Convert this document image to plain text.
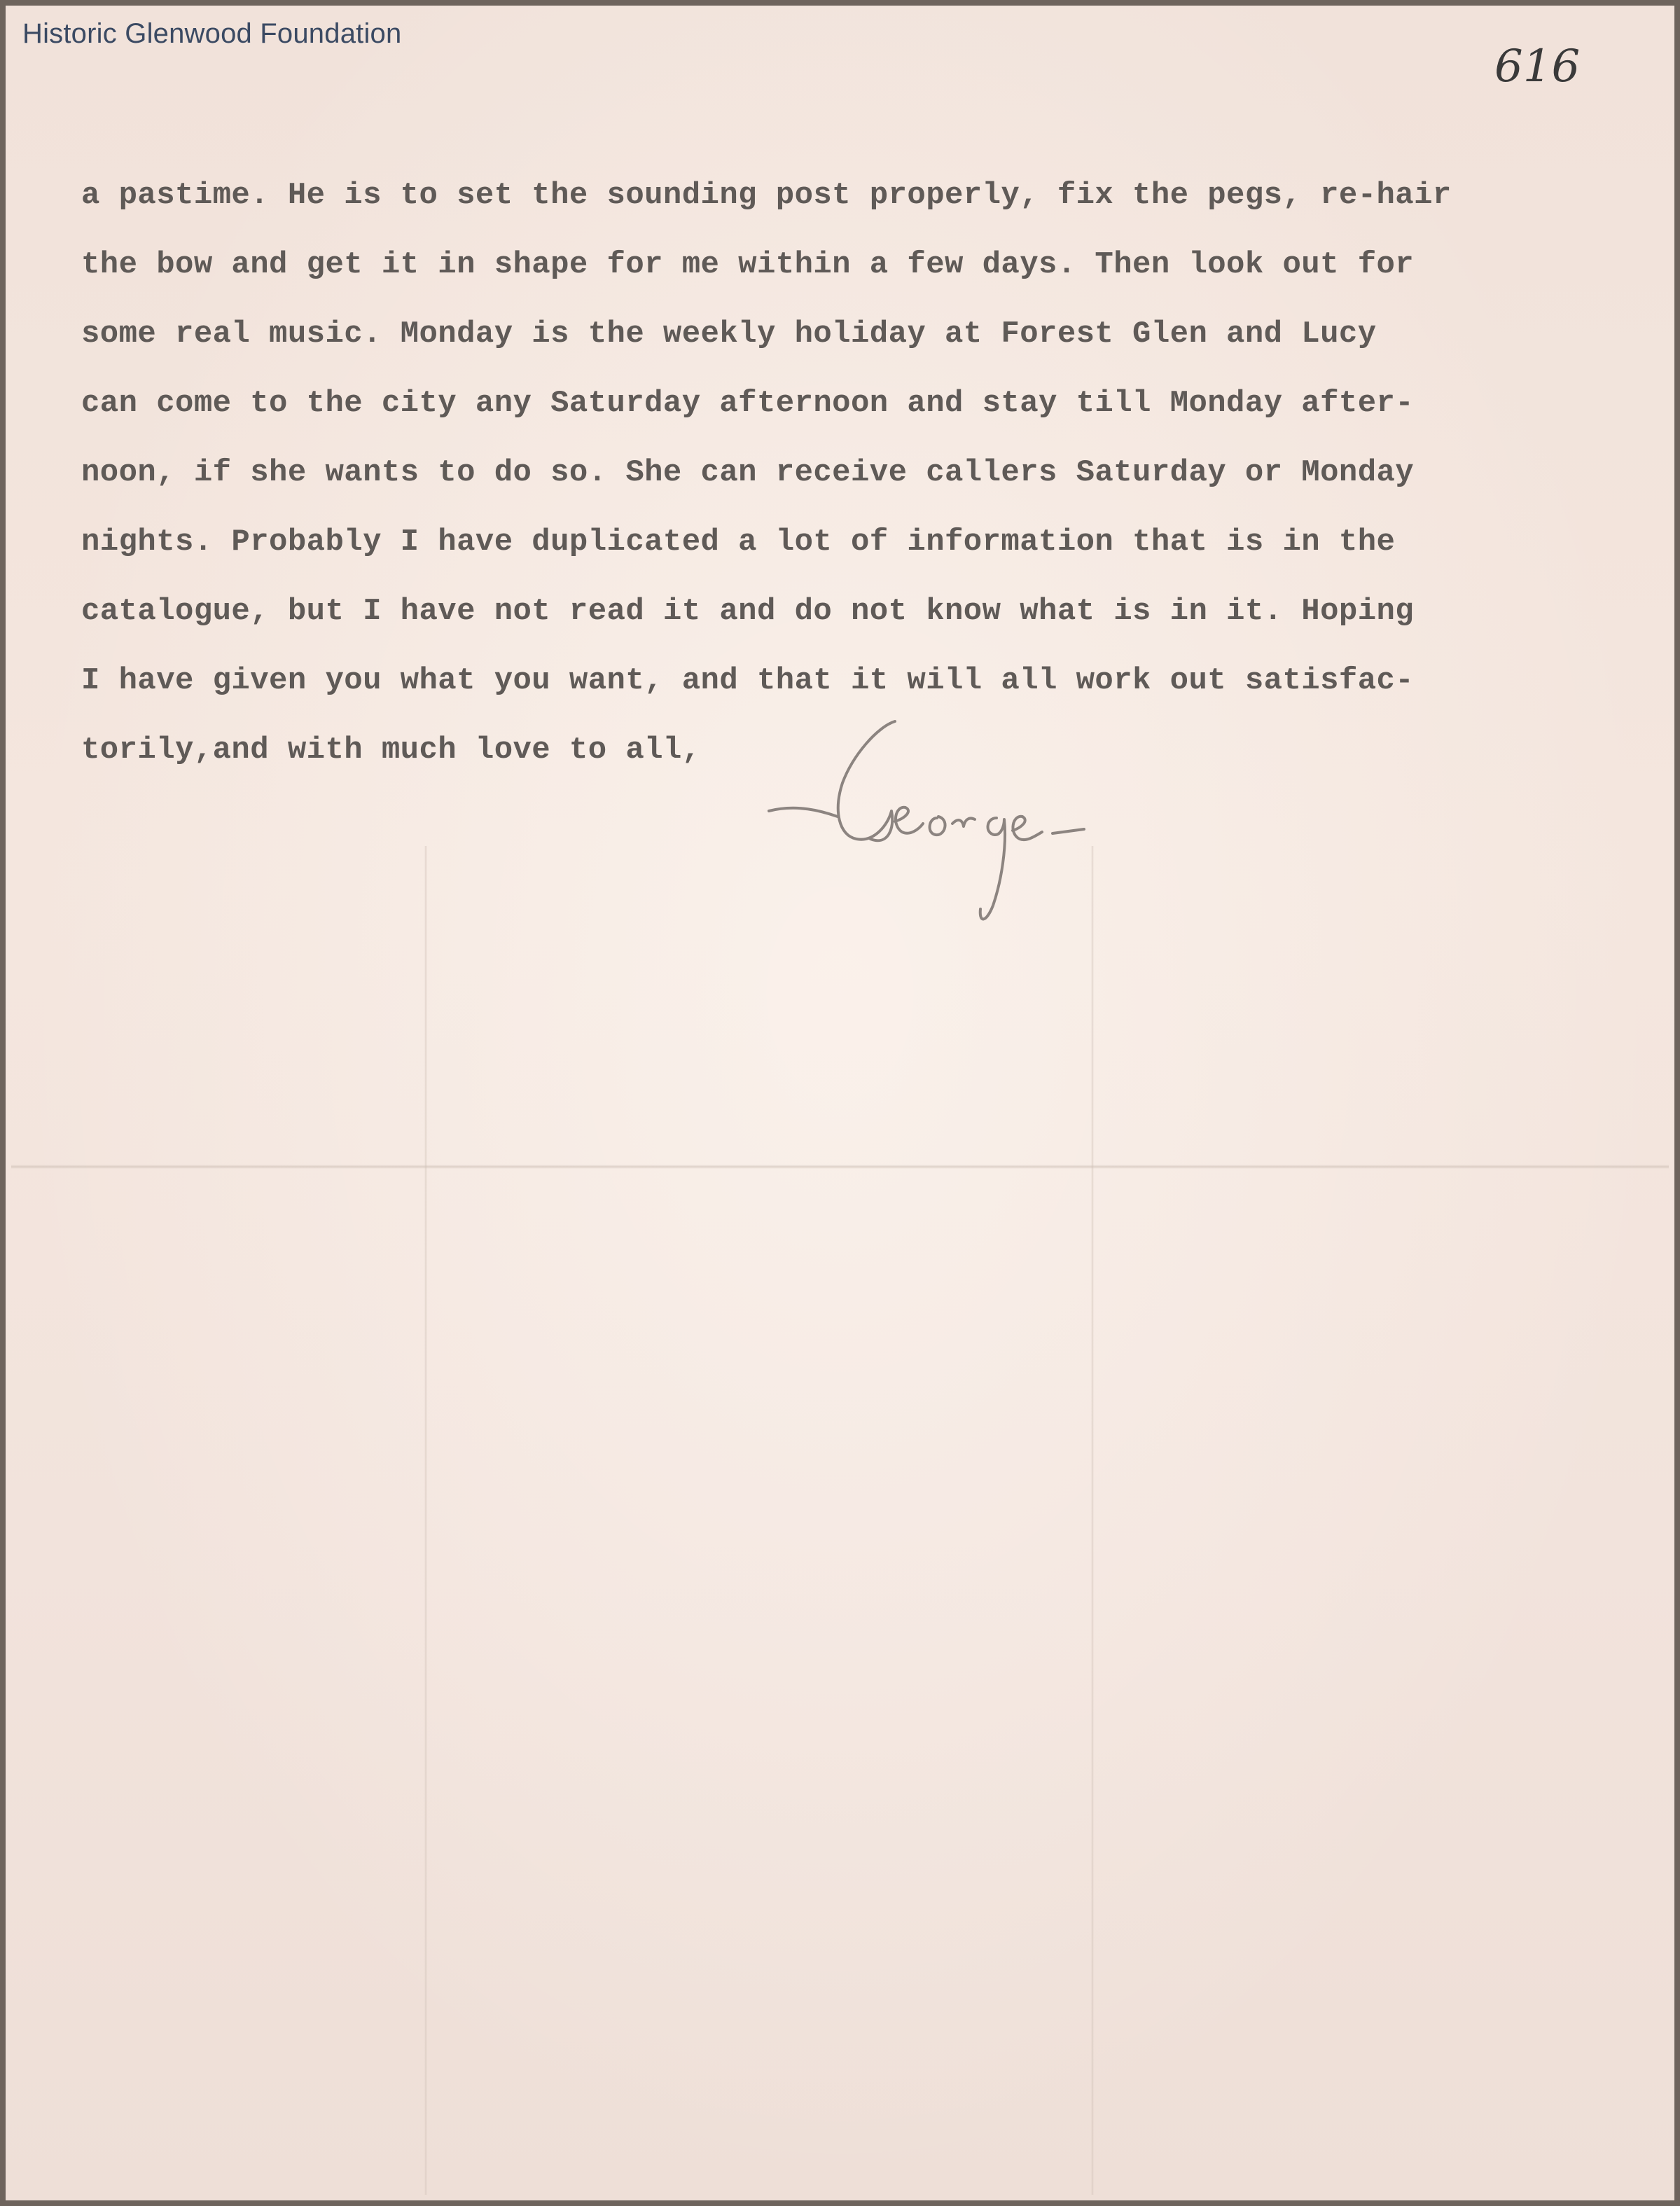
Historic Glenwood Foundation
616

a pastime. He is to set the sounding post properly, fix the pegs, re-hair
the bow and get it in shape for me within a few days. Then look out for
some real music. Monday is the weekly holiday at Forest Glen and Lucy
can come to the city any Saturday afternoon and stay till Monday after-
noon, if she wants to do so. She can receive callers Saturday or Monday
nights. Probably I have duplicated a lot of information that is in the
catalogue, but I have not read it and do not know what is in it. Hoping
I have given you what you want, and that it will all work out satisfac-
torily,and with much love to all,
